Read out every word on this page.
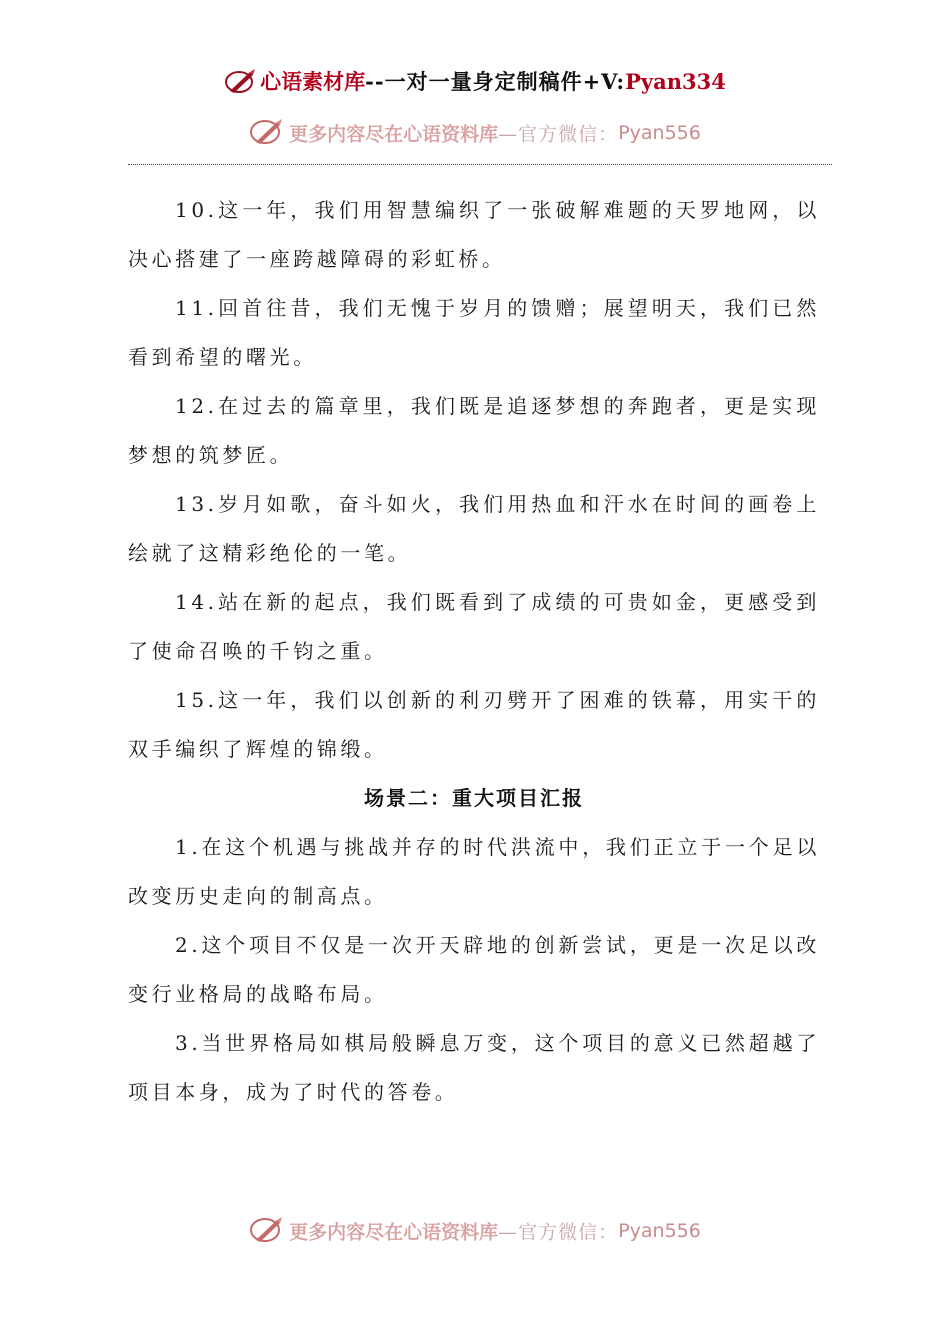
心语素材库--一对一量身定制稿件+V:Pyan334
更多内容尽在心语资料库—官方微信：Pyan556

10.这一年，我们用智慧编织了一张破解难题的天罗地网，以决心搭建了一座跨越障碍的彩虹桥。

11.回首往昔，我们无愧于岁月的馈赠；展望明天，我们已然看到希望的曙光。

12.在过去的篇章里，我们既是追逐梦想的奔跑者，更是实现梦想的筑梦匠。

13.岁月如歌，奋斗如火，我们用热血和汗水在时间的画卷上绘就了这精彩绝伦的一笔。

14.站在新的起点，我们既看到了成绩的可贵如金，更感受到了使命召唤的千钧之重。

15.这一年，我们以创新的利刃劈开了困难的铁幕，用实干的双手编织了辉煌的锦缎。

场景二：重大项目汇报

1.在这个机遇与挑战并存的时代洪流中，我们正立于一个足以改变历史走向的制高点。

2.这个项目不仅是一次开天辟地的创新尝试，更是一次足以改变行业格局的战略布局。

3.当世界格局如棋局般瞬息万变，这个项目的意义已然超越了项目本身，成为了时代的答卷。

更多内容尽在心语资料库—官方微信：Pyan556
